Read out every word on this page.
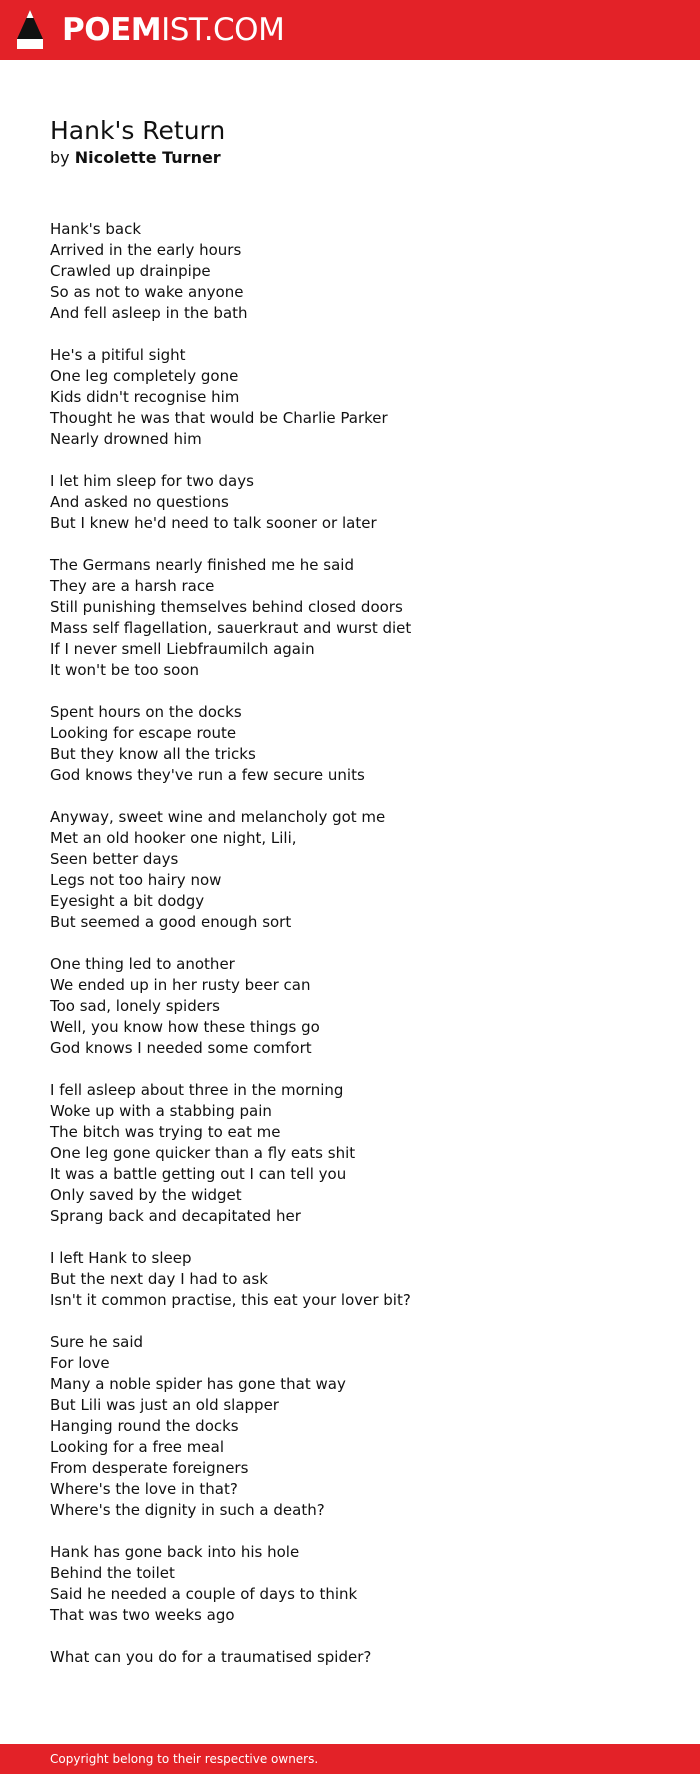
POEMIST.COM
Hank's Return
by Nicolette Turner
Hank's back
Arrived in the early hours
Crawled up drainpipe
So as not to wake anyone
And fell asleep in the bath
He's a pitiful sight
One leg completely gone
Kids didn't recognise him
Thought he was that would be Charlie Parker
Nearly drowned him
I let him sleep for two days
And asked no questions
But I knew he'd need to talk sooner or later
The Germans nearly finished me he said
They are a harsh race
Still punishing themselves behind closed doors
Mass self flagellation, sauerkraut and wurst diet
If I never smell Liebfraumilch again
It won't be too soon
Spent hours on the docks
Looking for escape route
But they know all the tricks
God knows they've run a few secure units
Anyway, sweet wine and melancholy got me
Met an old hooker one night, Lili,
Seen better days
Legs not too hairy now
Eyesight a bit dodgy
But seemed a good enough sort
One thing led to another
We ended up in her rusty beer can
Too sad, lonely spiders
Well, you know how these things go
God knows I needed some comfort
I fell asleep about three in the morning
Woke up with a stabbing pain
The bitch was trying to eat me
One leg gone quicker than a fly eats shit
It was a battle getting out I can tell you
Only saved by the widget
Sprang back and decapitated her
I left Hank to sleep
But the next day I had to ask
Isn't it common practise, this eat your lover bit?
Sure he said
For love
Many a noble spider has gone that way
But Lili was just an old slapper
Hanging round the docks
Looking for a free meal
From desperate foreigners
Where's the love in that?
Where's the dignity in such a death?
Hank has gone back into his hole
Behind the toilet
Said he needed a couple of days to think
That was two weeks ago
What can you do for a traumatised spider?
Copyright belong to their respective owners.
